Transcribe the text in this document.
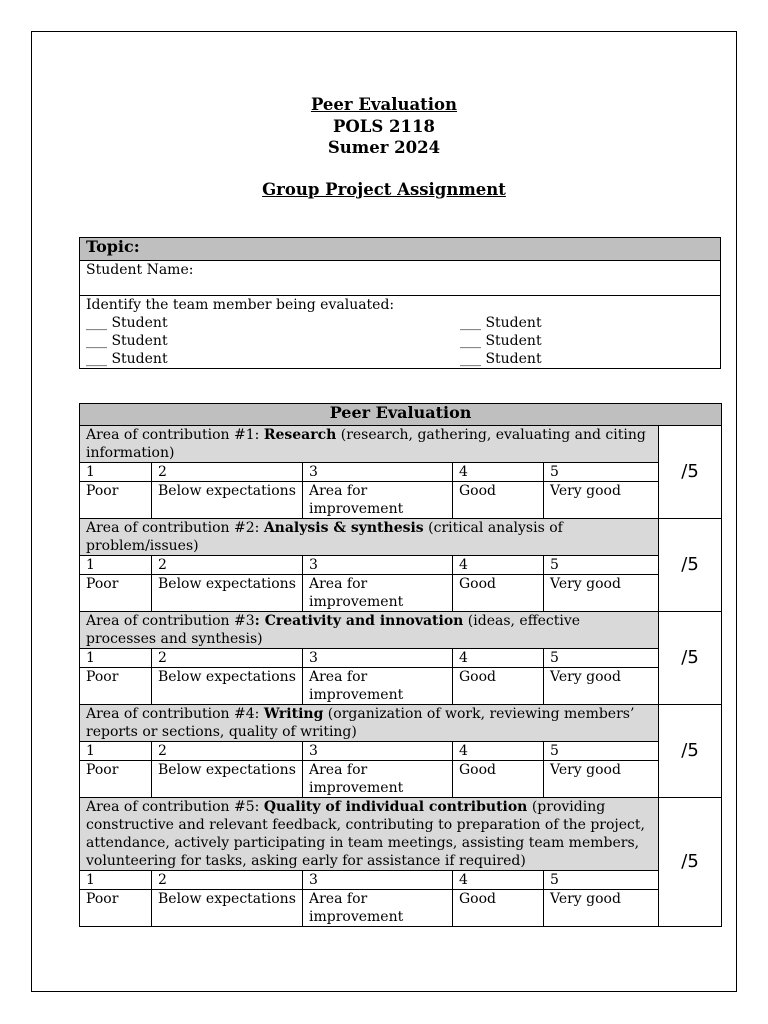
Peer Evaluation
POLS 2118
Sumer 2024
Group Project Assignment
Topic:
Student Name:

Identify the team member being evaluated:
___ Student
___ Student
___ Student
___ Student
___ Student
___ Student
Peer Evaluation					
Area of contribution #1: Research (research, gathering, evaluating and citing information)					/5
1	2	3	4	5	
Poor	Below expectations	Area for improvement	Good	Very good	
Area of contribution #2: Analysis & synthesis (critical analysis of problem/issues)					/5
1	2	3	4	5	
Poor	Below expectations	Area for improvement	Good	Very good	
Area of contribution #3: Creativity and innovation (ideas, effective processes and synthesis)					/5
1	2	3	4	5	
Poor	Below expectations	Area for improvement	Good	Very good	
Area of contribution #4: Writing (organization of work, reviewing members’ reports or sections, quality of writing)					/5
1	2	3	4	5	
Poor	Below expectations	Area for improvement	Good	Very good	
Area of contribution #5: Quality of individual contribution (providing constructive and relevant feedback, contributing to preparation of the project, attendance, actively participating in team meetings, assisting team members, volunteering for tasks, asking early for assistance if required)					/5
1	2	3	4	5	
Poor	Below expectations	Area for improvement	Good	Very good	
